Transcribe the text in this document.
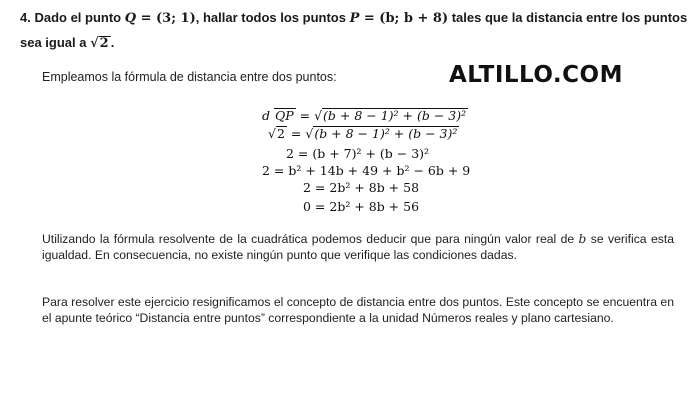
4. Dado el punto Q = (3; 1), hallar todos los puntos P = (b; b + 8) tales que la distancia entre los puntos sea igual a √2 .
Empleamos la fórmula de distancia entre dos puntos:	ALTILLO.COM
d QP = √(b + 8 − 1)² + (b − 3)²
√2 = √(b + 8 − 1)² + (b − 3)²
2 = (b + 7)² + (b − 3)²
2 = b² + 14b + 49 + b² − 6b + 9
2 = 2b² + 8b + 58
0 = 2b² + 8b + 56
Utilizando la fórmula resolvente de la cuadrática podemos deducir que para ningún valor real de b se verifica esta igualdad. En consecuencia, no existe ningún punto que verifique las condiciones dadas.
Para resolver este ejercicio resignificamos el concepto de distancia entre dos puntos. Este concepto se encuentra en el apunte teórico “Distancia entre puntos” correspondiente a la unidad Números reales y plano cartesiano.
